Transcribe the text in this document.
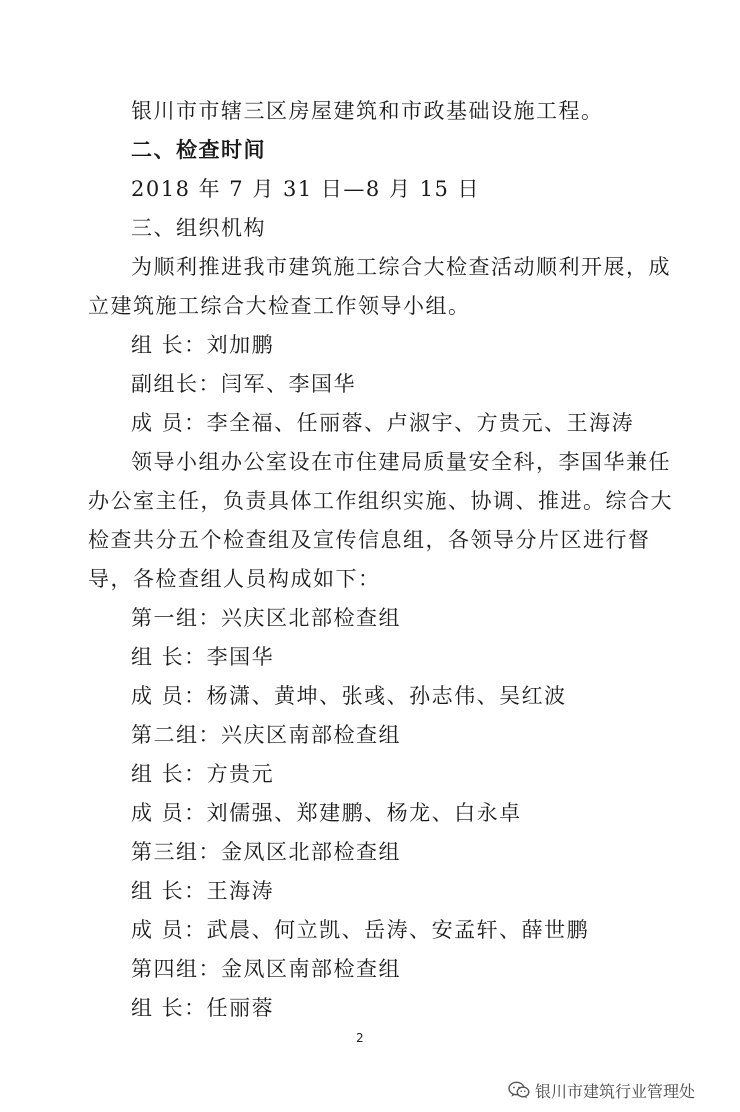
银川市市辖三区房屋建筑和市政基础设施工程。
二、检查时间
2018 年 7 月 31 日—8 月 15 日
三、组织机构
为顺利推进我市建筑施工综合大检查活动顺利开展，成
立建筑施工综合大检查工作领导小组。
组 长：刘加鹏
副组长：闫军、李国华
成 员：李全福、任丽蓉、卢淑宇、方贵元、王海涛
领导小组办公室设在市住建局质量安全科，李国华兼任
办公室主任，负责具体工作组织实施、协调、推进。综合大
检查共分五个检查组及宣传信息组，各领导分片区进行督
导，各检查组人员构成如下：
第一组：兴庆区北部检查组
组 长：李国华
成 员：杨潇、黄坤、张彧、孙志伟、吴红波
第二组：兴庆区南部检查组
组 长：方贵元
成 员：刘儒强、郑建鹏、杨龙、白永卓
第三组：金凤区北部检查组
组 长：王海涛
成 员：武晨、何立凯、岳涛、安孟轩、薛世鹏
第四组：金凤区南部检查组
组 长：任丽蓉
2
银川市建筑行业管理处
